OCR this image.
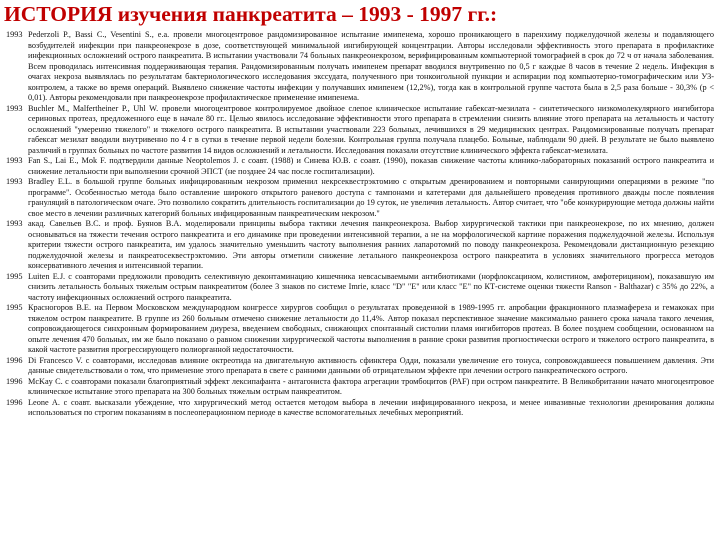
ИСТОРИЯ изучения панкреатита – 1993 - 1997 гг.:
1993 Pederzoli P., Bassi C., Vesentini S., e.a. провели многоцентровое рандомизированное испытание имипенема, хорошо проникающего в паренхиму поджелудочной железы и подавляющего возбудителей инфекции при панкреонекрозе в дозе, соответствующей минимальной ингибирующей концентрации. Авторы исследовали эффективность этого препарата в профилактике инфекционных осложнений острого панкреатита. В испытании участвовали 74 больных панкреонекрозом, верифицированным компьютерной томографией в срок до 72 ч от начала заболевания. Всем проводилась интенсивная поддерживающая терапия. Рандомизированным получать имипенем препарат вводился внутривенно по 0,5 г каждые 8 часов в течение 2 недель. Инфекция в очагах некроза выявлялась по результатам бактериологического исследования экссудата, полученного при тонкоигольной пункции и аспирации под компьютерно-томографическим или УЗ-контролем, а также во время операций. Выявлено снижение частоты инфекции у получавших имипенем (12,2%), тогда как в контрольной группе частота была в 2,5 раза больше - 30,3% (p < 0,01). Авторы рекомендовали при панкреонекрозе профилактическое применение имипенема.
1993 Buchler M., Malfertheiner P., Uhl W. провели многоцентровое контролируемое двойное слепое клиническое испытание габексат-мезилата - синтетического низкомолекулярного ингибитора сериновых протеаз, предложенного еще в начале 80 гг.. Целью явилось исследование эффективности этого препарата в стремлении снизить влияние этого препарата на летальность и частоту осложнений "умеренно тяжелого" и тяжелого острого панкреатита. В испытании участвовали 223 больных, лечившихся в 29 медицинских центрах. Рандомизированные получать препарат габексат мезилат вводили внутривенно по 4 г в сутки в течение первой недели болезни. Контрольная группа получала плацебо. Больные, наблюдали 90 дней. В результате не было выявлено различий в группах больных по частоте развития 14 видов осложнений и летальности. Исследования показали отсутствие клинического эффекта габексат-мезилата.
1993 Fan S., Lai E., Mok F. подтвердили данные Neoptolemos J. с соавт. (1988) и Синева Ю.В. с соавт. (1990), показав снижение частоты клинико-лабораторных показаний острого панкреатита и снижение летальности при выполнении срочной ЭПСТ (не позднее 24 час после госпитализации).
1993 Bradley E.L. в большой группе больных инфицированным некрозом применил некрсеквестрэктомию с открытым дренированием и повторными санирующими операциями в режиме "по программе". Особенностью метода было оставление широкого открытого раневого доступа с тампонами и катетерами для дальнейшего проведения противного дважды после появления грануляций в патологическом очаге. Это позволило сократить длительность госпитализации до 19 суток, не увеличив летальность. Автор считает, что "обе конкурирующие метода должны найти свое место в лечении различных категорий больных инфицированным панкреатическим некрозом."
1993 акад. Савельев В.С. и проф. Буянов В.А. моделировали принципы выбора тактики лечения панкреонекроза. Выбор хирургической тактики при панкреонекрозе, по их мнению, должен основываться на тяжести течения острого панкреатита и его динамике при проведении интенсивной терапии, а не на морфологической картине поражения поджелудочной железы. Используя критерии тяжести острого панкреатита, им удалось значительно уменьшить частоту выполнения ранних лапаротомий по поводу панкреонекроза. Рекомендовали дистанционную резекцию поджелудочной железы и панкреатосеквестрэктомию. Эти авторы отметили снижение летального панкреонекроза острого панкреатита в условиях значительного прогресса методов консервативного лечения и интенсивной терапии.
1995 Luiten E.J. с соавторами предложили проводить селективную деконтаминацию кишечника невсасываемыми антибиотиками (норфлоксацином, колистином, амфотерицином), показавшую им снизить летальность больных тяжелым острым панкреатитом (более 3 знаков по системе Imrie, класс "D" "E" или класс "E" по КТ-системе оценки тяжести Ranson - Balthazar) с 35% до 22%, а частоту инфекционных осложнений острого панкреатита.
1995 Красногоров В.Е. на Первом Московском международном конгрессе хирургов сообщил о результатах проведенной в 1989-1995 гг. апробации фракционного плазмафереза и гемакоках при тяжелом остром панкреатите. В группе из 260 больным отмечено снижение летальности до 11,4%. Автор показал перспективное значение максимально раннего срока начала такого лечения, сопровождающегося синхронным формированием диуреза, введением свободных, снижающих спонтанный систолии пламя ингибиторов протеаз. В более позднем сообщении, основанном на опыте лечения 470 больных, им же было показано о равном снижении хирургической частоты выполнения в ранние сроки развития прогностически острого и тяжелого острого панкреатита, в какой частоте развития прогрессирующего полиорганной недостаточности.
1996 Di Francesco V. с соавторами, исследовав влияние октреотида на двигательную активность сфинктера Одди, показали увеличение его тонуса, сопровождавшееся повышением давления. Эти данные свидетельствовали о том, что применение этого препарата в свете с ранними данными об отрицательном эффекте при лечении острого панкреатического острого.
1996 McKay C. с соавторами показали благоприятный эффект лексипафанта - антагониста фактора агрегации тромбоцитов (PAF) при остром панкреатите. В Великобритании начато многоцентровое клиническое испытание этого препарата на 300 больных тяжелым острым панкреатитом.
1996 Leone A. с соавт. высказали убеждение, что хирургический метод остается методом выбора в лечении инфицированного некроза, и менее инвазивные технологии дренирования должны использоваться по строгим показаниям в послеоперационном периоде в качестве вспомогательных лечебных мероприятий.
